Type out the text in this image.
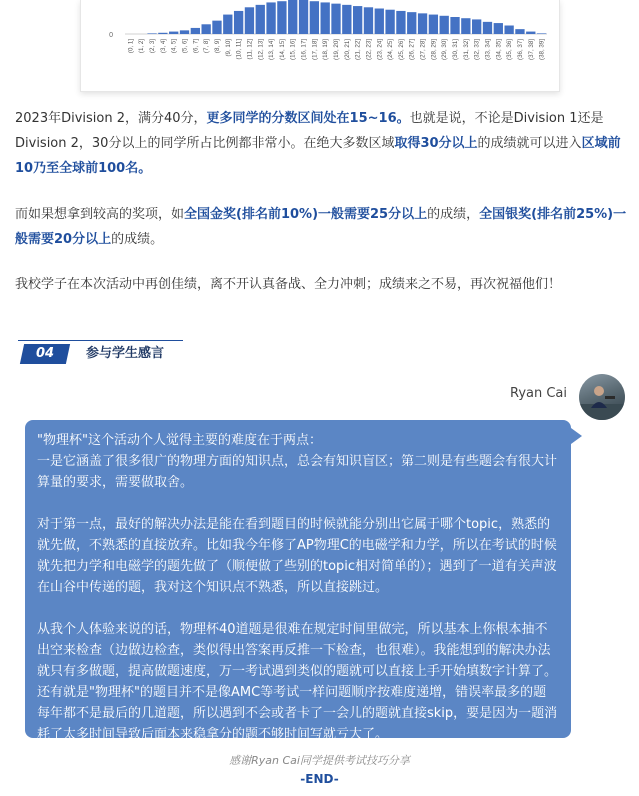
0
(0, 1] (1, 2] (2, 3] (3, 4] (4, 5] (5, 6] (6, 7] (7, 8] (8, 9] (9, 10] (10, 11] (11, 12] (12, 13] (13, 14] (14, 15] (15, 16] (16, 17] (17, 18] (18, 19] (19, 20] (20, 21] (21, 22] (22, 23] (23, 24] (24, 25] (25, 26] (26, 27] (27, 28] (28, 29] (29, 30] (30, 31] (31, 32] (32, 33] (33, 34] (34, 35] (35, 36] (36, 37] (37, 38] (38, 39]
2023年Division 2，满分40分，更多同学的分数区间处在15~16。也就是说，不论是Division 1还是Division 2，30分以上的同学所占比例都非常小。在绝大多数区域取得30分以上的成绩就可以进入区域前10乃至全球前100名。
而如果想拿到较高的奖项，如全国金奖(排名前10%)一般需要25分以上的成绩，全国银奖(排名前25%)一般需要20分以上的成绩。
我校学子在本次活动中再创佳绩，离不开认真备战、全力冲刺；成绩来之不易，再次祝福他们！
04	参与学生感言
Ryan Cai

"物理杯"这个活动个人觉得主要的难度在于两点：
一是它涵盖了很多很广的物理方面的知识点，总会有知识盲区；第二则是有些题会有很大计算量的要求，需要做取舍。

对于第一点，最好的解决办法是能在看到题目的时候就能分别出它属于哪个topic，熟悉的就先做，不熟悉的直接放弃。比如我今年修了AP物理C的电磁学和力学，所以在考试的时候就先把力学和电磁学的题先做了（顺便做了些别的topic相对简单的）；遇到了一道有关声波在山谷中传递的题，我对这个知识点不熟悉，所以直接跳过。

从我个人体验来说的话，物理杯40道题是很难在规定时间里做完，所以基本上你根本抽不出空来检查（边做边检查，类似得出答案再反推一下检查，也很难）。我能想到的解决办法就只有多做题，提高做题速度，万一考试遇到类似的题就可以直接上手开始填数字计算了。还有就是"物理杯"的题目并不是像AMC等考试一样问题顺序按难度递增，错误率最多的题每年都不是最后的几道题，所以遇到不会或者卡了一会儿的题就直接skip，要是因为一题消耗了太多时间导致后面本来稳拿分的题不够时间写就亏大了。

感谢Ryan Cai同学提供考试技巧分享
-END-
